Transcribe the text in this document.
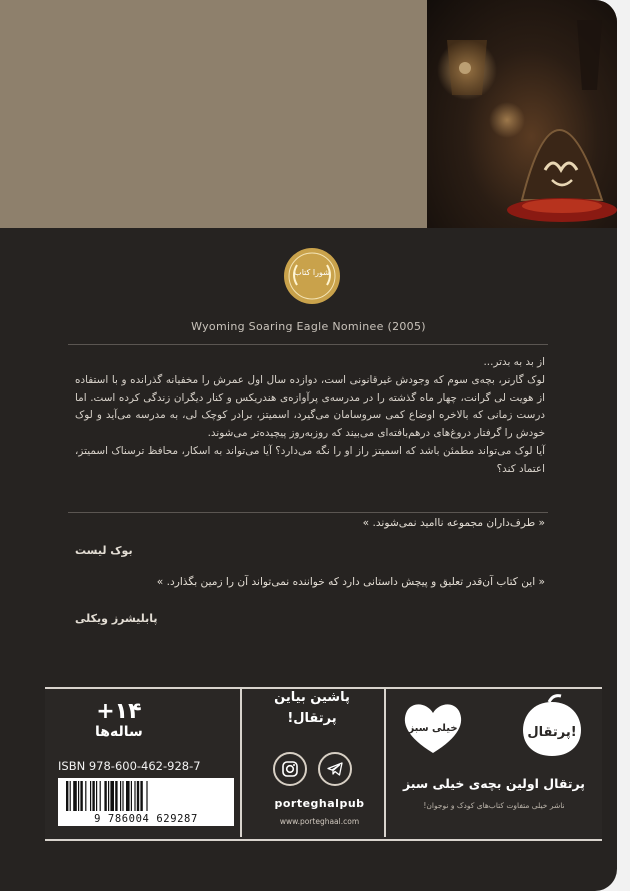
شورا کتاب
Wyoming Soaring Eagle Nominee (2005)

از بد به بدتر...

لوک گارنر، بچه‌ی سوم که وجودش غیرقانونی است، دوازده سال اول عمرش را مخفیانه گذرانده و با استفاده از هویت لی گرانت، چهار ماه گذشته را در مدرسه‌ی پرآوازه‌ی هندریکس و کنار دیگران زندگی کرده است. اما درست زمانی که بالاخره اوضاع کمی سروسامان می‌گیرد، اسمیتز، برادر کوچک لی، به مدرسه می‌آید و لوک خودش را گرفتار دروغ‌های درهم‌بافته‌ای می‌بیند که روزبه‌روز پیچیده‌تر می‌شوند.

آیا لوک می‌تواند مطمئن باشد که اسمیتز راز او را نگه می‌دارد؟ آیا می‌تواند به اسکار، محافظ ترسناک اسمیتز، اعتماد کند؟

« طرف‌داران مجموعه ناامید نمی‌شوند. »
بوک لیست
« این کتاب آن‌قدر تعلیق و پیچش داستانی دارد که خواننده نمی‌تواند آن را زمین بگذارد. »
پابلیشرز ویکلی
+۱۴
ساله‌ها
ISBN 978-600-462-928-7
9 786004 629287
پاشین بیاین
پرتقال!
porteghalpub
www.porteghaal.com
پرتقال!
خیلی سبز
پرتقال اولین بچه‌ی خیلی سبز
ناشر خیلی متفاوت کتاب‌های کودک و نوجوان!
